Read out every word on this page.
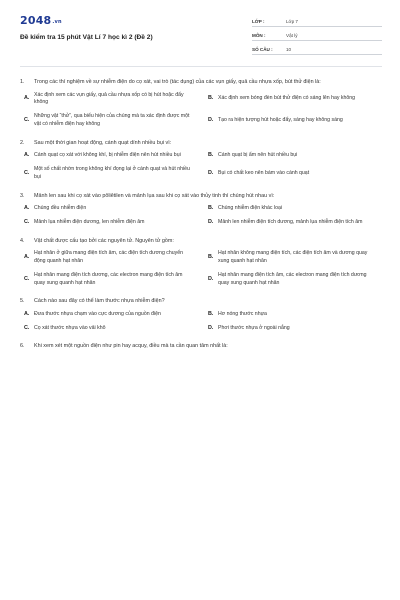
2048.vn
Đề kiểm tra 15 phút Vật Lí 7 học kì 2 (Đề 2)
LỚP :	Lớp 7
MÔN :	Vật lý
SỐ CÂU :	10
1.	Trong các thí nghiệm về sự nhiễm điện do cọ xát, vai trò (tác dụng) của các vụn giấy, quả cầu nhựa xốp, bút thử điện là:
A.
Xác định xem các vụn giấy, quả cầu nhựa xốp có bị hút hoặc đẩy không
B. Xác định xem bóng đèn bút thử điện có sáng lên hay không
C.
Những vật “thử”, qua biểu hiện của chúng mà ta xác định được một vật có nhiễm điện hay không
D. Tạo ra hiện tượng hút hoặc đẩy, sáng hay không sáng
2.	Sau một thời gian hoạt động, cánh quạt dính nhiều bụi vì:
A. Cánh quạt cọ xát với không khí, bị nhiễm điện nên hút nhiều bụi	B. Cánh quạt bị ẩm nên hút nhiều bụi
C.
Một số chất nhờn trong không khí đọng lại ở cánh quạt và hút nhiều bụi
D. Bụi có chất keo nên bám vào cánh quạt
3.	Mảnh len sau khi cọ xát vào pôliêtilen và mảnh lụa sau khi cọ xát vào thủy tinh thì chúng hút nhau vì:
A. Chúng đều nhiễm điện	B. Chúng nhiễm điện khác loại
C. Mảnh lụa nhiễm điện dương, len nhiễm điện âm	D. Mảnh len nhiễm điện tích dương, mảnh lụa nhiễm điện tích âm
4.	Vật chất được cấu tạo bởi các nguyên tử. Nguyên tử gồm:
A.
Hạt nhân ở giữa mang điện tích âm, các điện tích dương chuyển động quanh hạt nhân
B.
Hạt nhân không mang điện tích, các điện tích âm và dương quay xung quanh hạt nhân
C.
Hạt nhân mang điện tích dương, các electron mang điện tích âm quay xung quanh hạt nhân
D.
Hạt nhân mang điện tích âm, các electron mang điện tích dương quay xung quanh hạt nhân
5.	Cách nào sau đây có thể làm thước nhựa nhiễm điện?
A. Đưa thước nhựa chạm vào cực dương của nguồn điện	B. Hơ nóng thước nhựa
C. Cọ xát thước nhựa vào vải khô	D. Phơi thước nhựa ở ngoài nắng
6.	Khi xem xét một nguồn điện như pin hay acquy, điều mà ta cần quan tâm nhất là:
